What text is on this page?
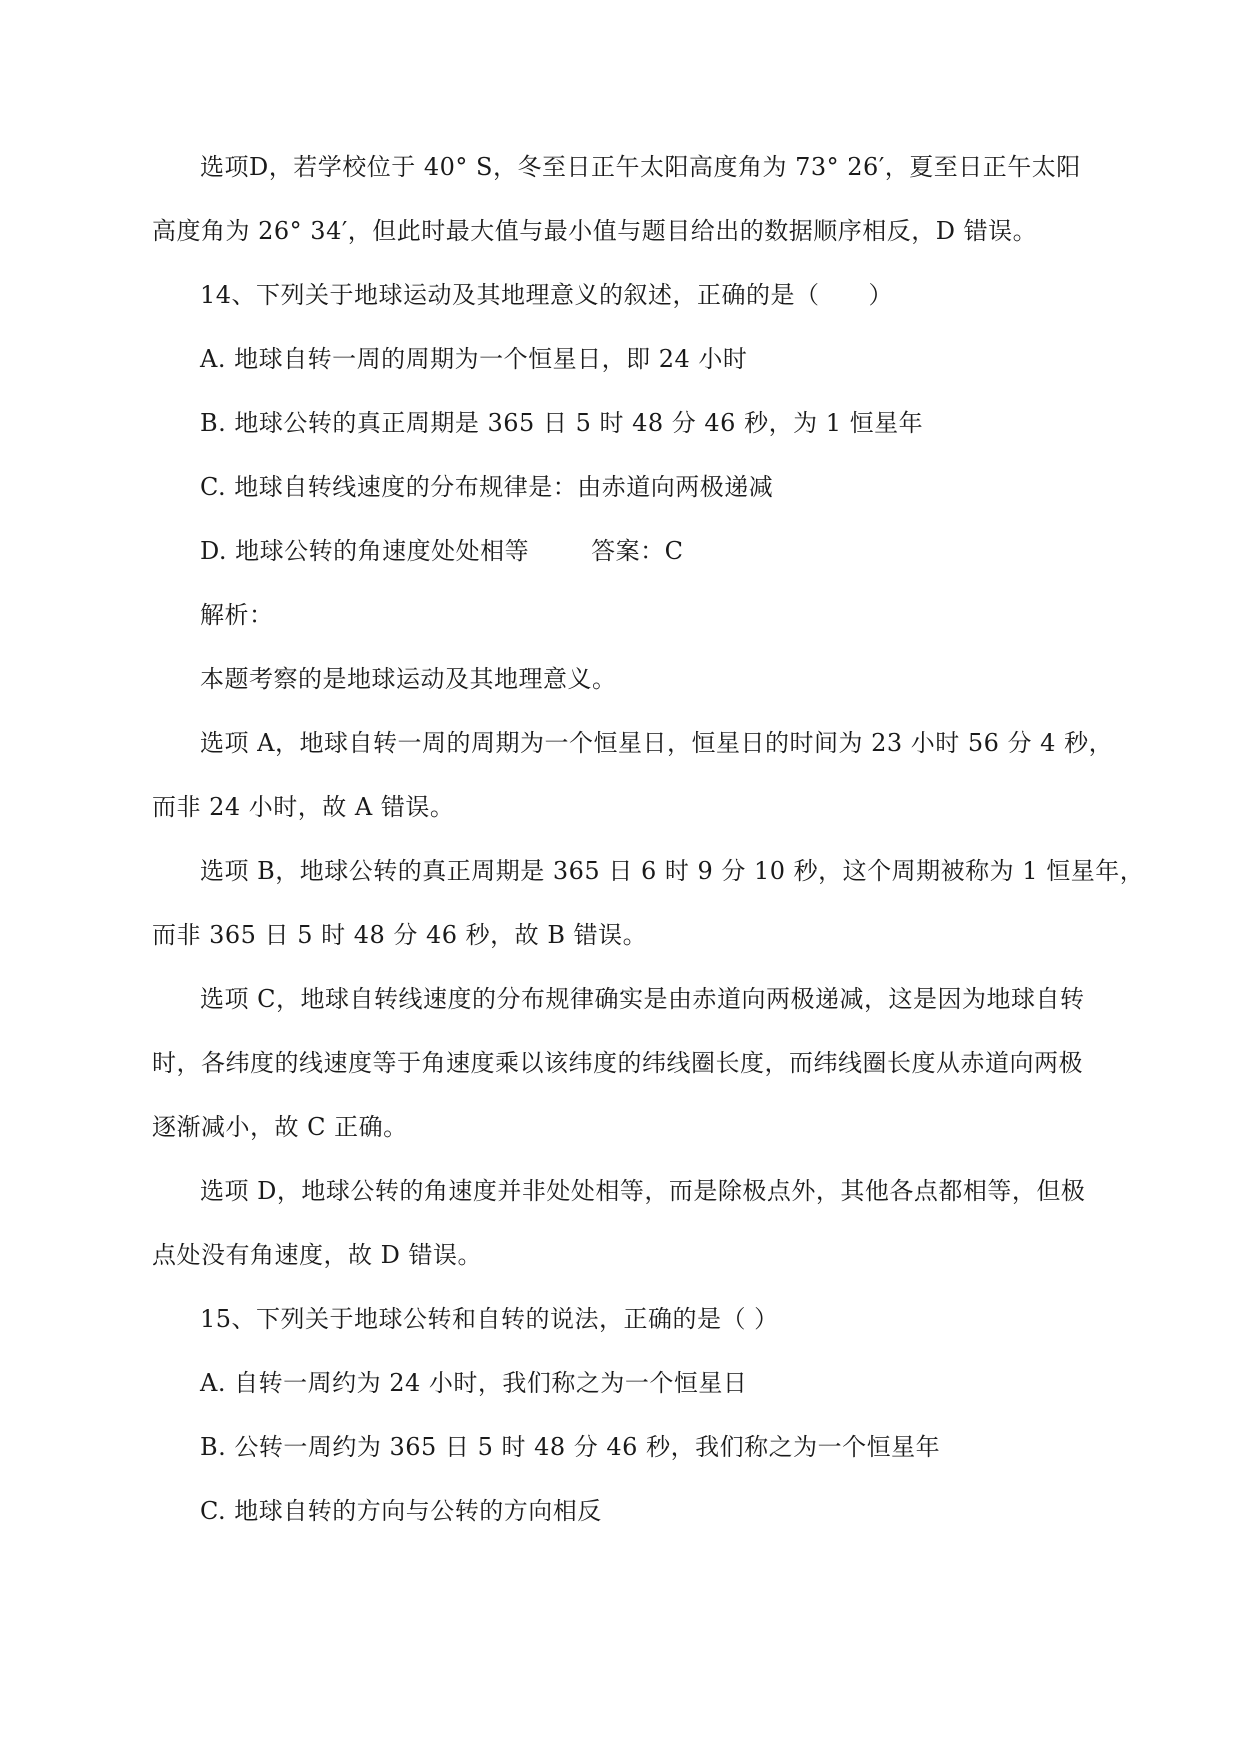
选项D，若学校位于 40° S，冬至日正午太阳高度角为 73° 26′，夏至日正午太阳
高度角为 26° 34′，但此时最大值与最小值与题目给出的数据顺序相反，D 错误。
14、下列关于地球运动及其地理意义的叙述，正确的是（　　）
A. 地球自转一周的周期为一个恒星日，即 24 小时
B. 地球公转的真正周期是 365 日 5 时 48 分 46 秒，为 1 恒星年
C. 地球自转线速度的分布规律是：由赤道向两极递减
D. 地球公转的角速度处处相等	答案：C
解析：
本题考察的是地球运动及其地理意义。
选项 A，地球自转一周的周期为一个恒星日，恒星日的时间为 23 小时 56 分 4 秒，
而非 24 小时，故 A 错误。
选项 B，地球公转的真正周期是 365 日 6 时 9 分 10 秒，这个周期被称为 1 恒星年，
而非 365 日 5 时 48 分 46 秒，故 B 错误。
选项 C，地球自转线速度的分布规律确实是由赤道向两极递减，这是因为地球自转
时，各纬度的线速度等于角速度乘以该纬度的纬线圈长度，而纬线圈长度从赤道向两极
逐渐减小，故 C 正确。
选项 D，地球公转的角速度并非处处相等，而是除极点外，其他各点都相等，但极
点处没有角速度，故 D 错误。
15、下列关于地球公转和自转的说法，正确的是（ ）
A. 自转一周约为 24 小时，我们称之为一个恒星日
B. 公转一周约为 365 日 5 时 48 分 46 秒，我们称之为一个恒星年
C. 地球自转的方向与公转的方向相反
